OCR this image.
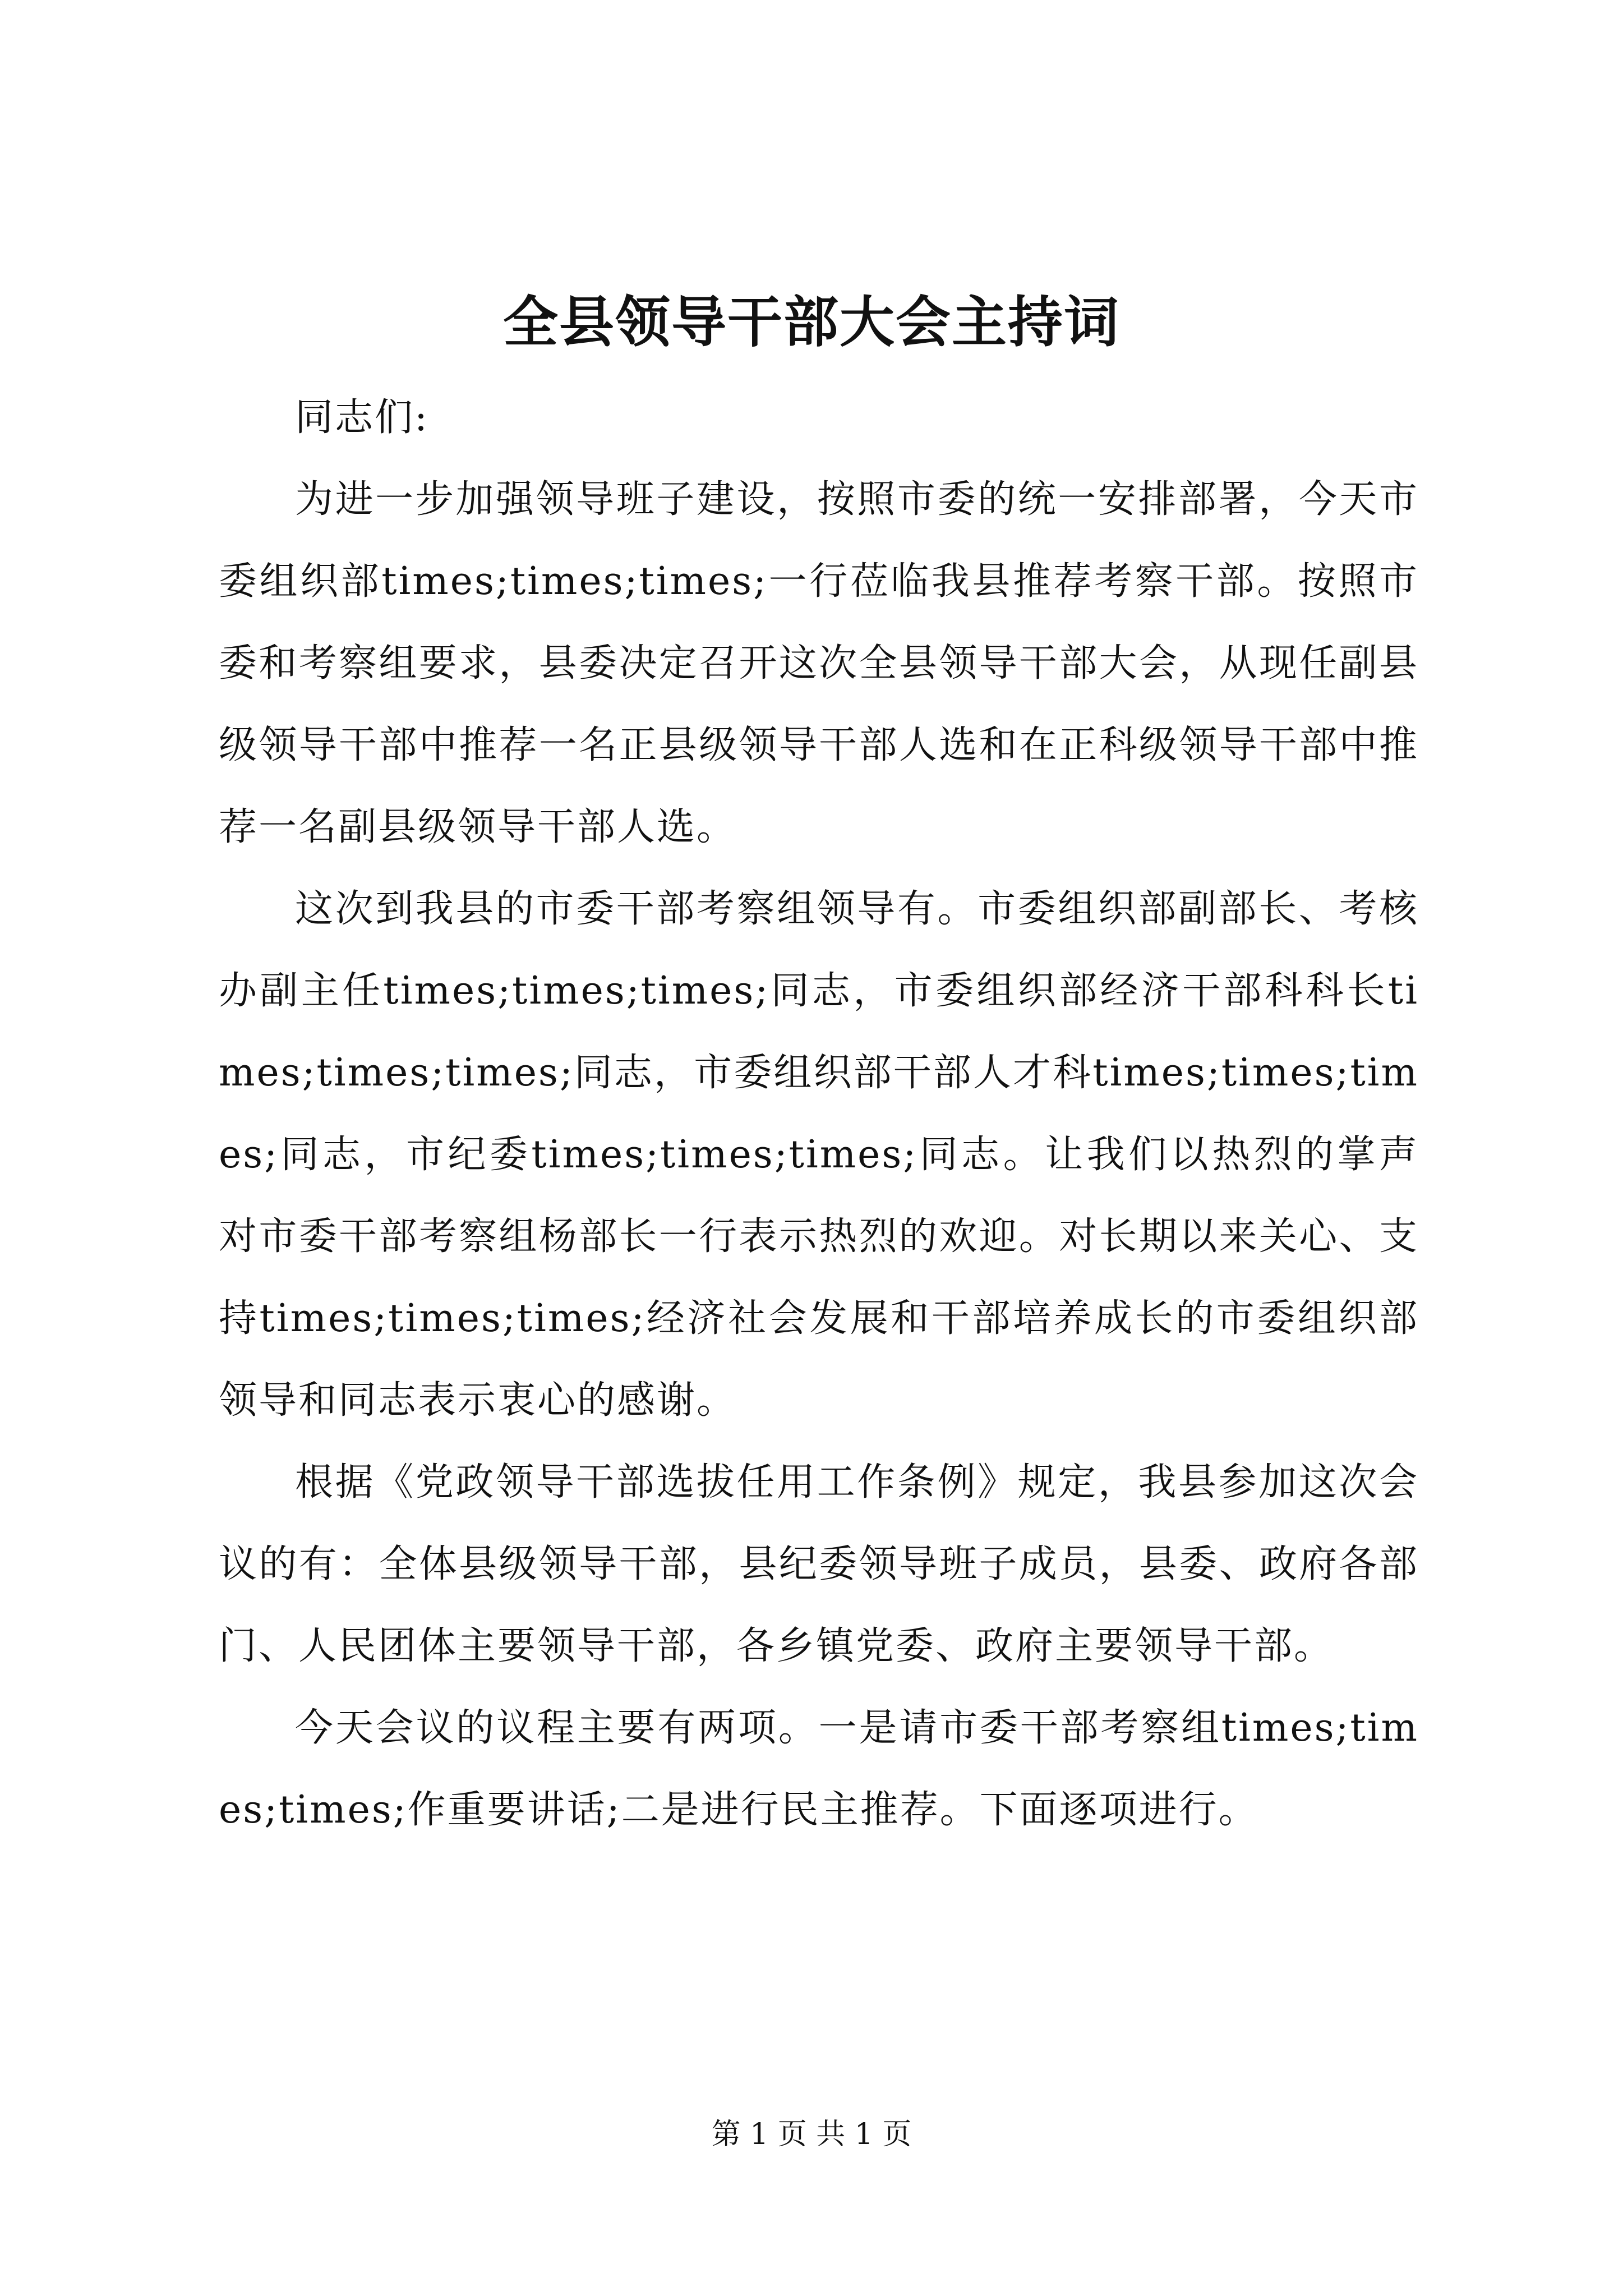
全县领导干部大会主持词

同志们:

为进一步加强领导班子建设，按照市委的统一安排部署，今天市委组织部times;times;times;一行莅临我县推荐考察干部。按照市委和考察组要求，县委决定召开这次全县领导干部大会，从现任副县级领导干部中推荐一名正县级领导干部人选和在正科级领导干部中推荐一名副县级领导干部人选。

这次到我县的市委干部考察组领导有。市委组织部副部长、考核办副主任times;times;times;同志，市委组织部经济干部科科长times;times;times;同志，市委组织部干部人才科times;times;times;同志，市纪委times;times;times;同志。让我们以热烈的掌声对市委干部考察组杨部长一行表示热烈的欢迎。对长期以来关心、支持times;times;times;经济社会发展和干部培养成长的市委组织部领导和同志表示衷心的感谢。

根据《党政领导干部选拔任用工作条例》规定，我县参加这次会议的有：全体县级领导干部，县纪委领导班子成员，县委、政府各部门、人民团体主要领导干部，各乡镇党委、政府主要领导干部。

今天会议的议程主要有两项。一是请市委干部考察组times;times;times;作重要讲话;二是进行民主推荐。下面逐项进行。

第 1 页 共 1 页
